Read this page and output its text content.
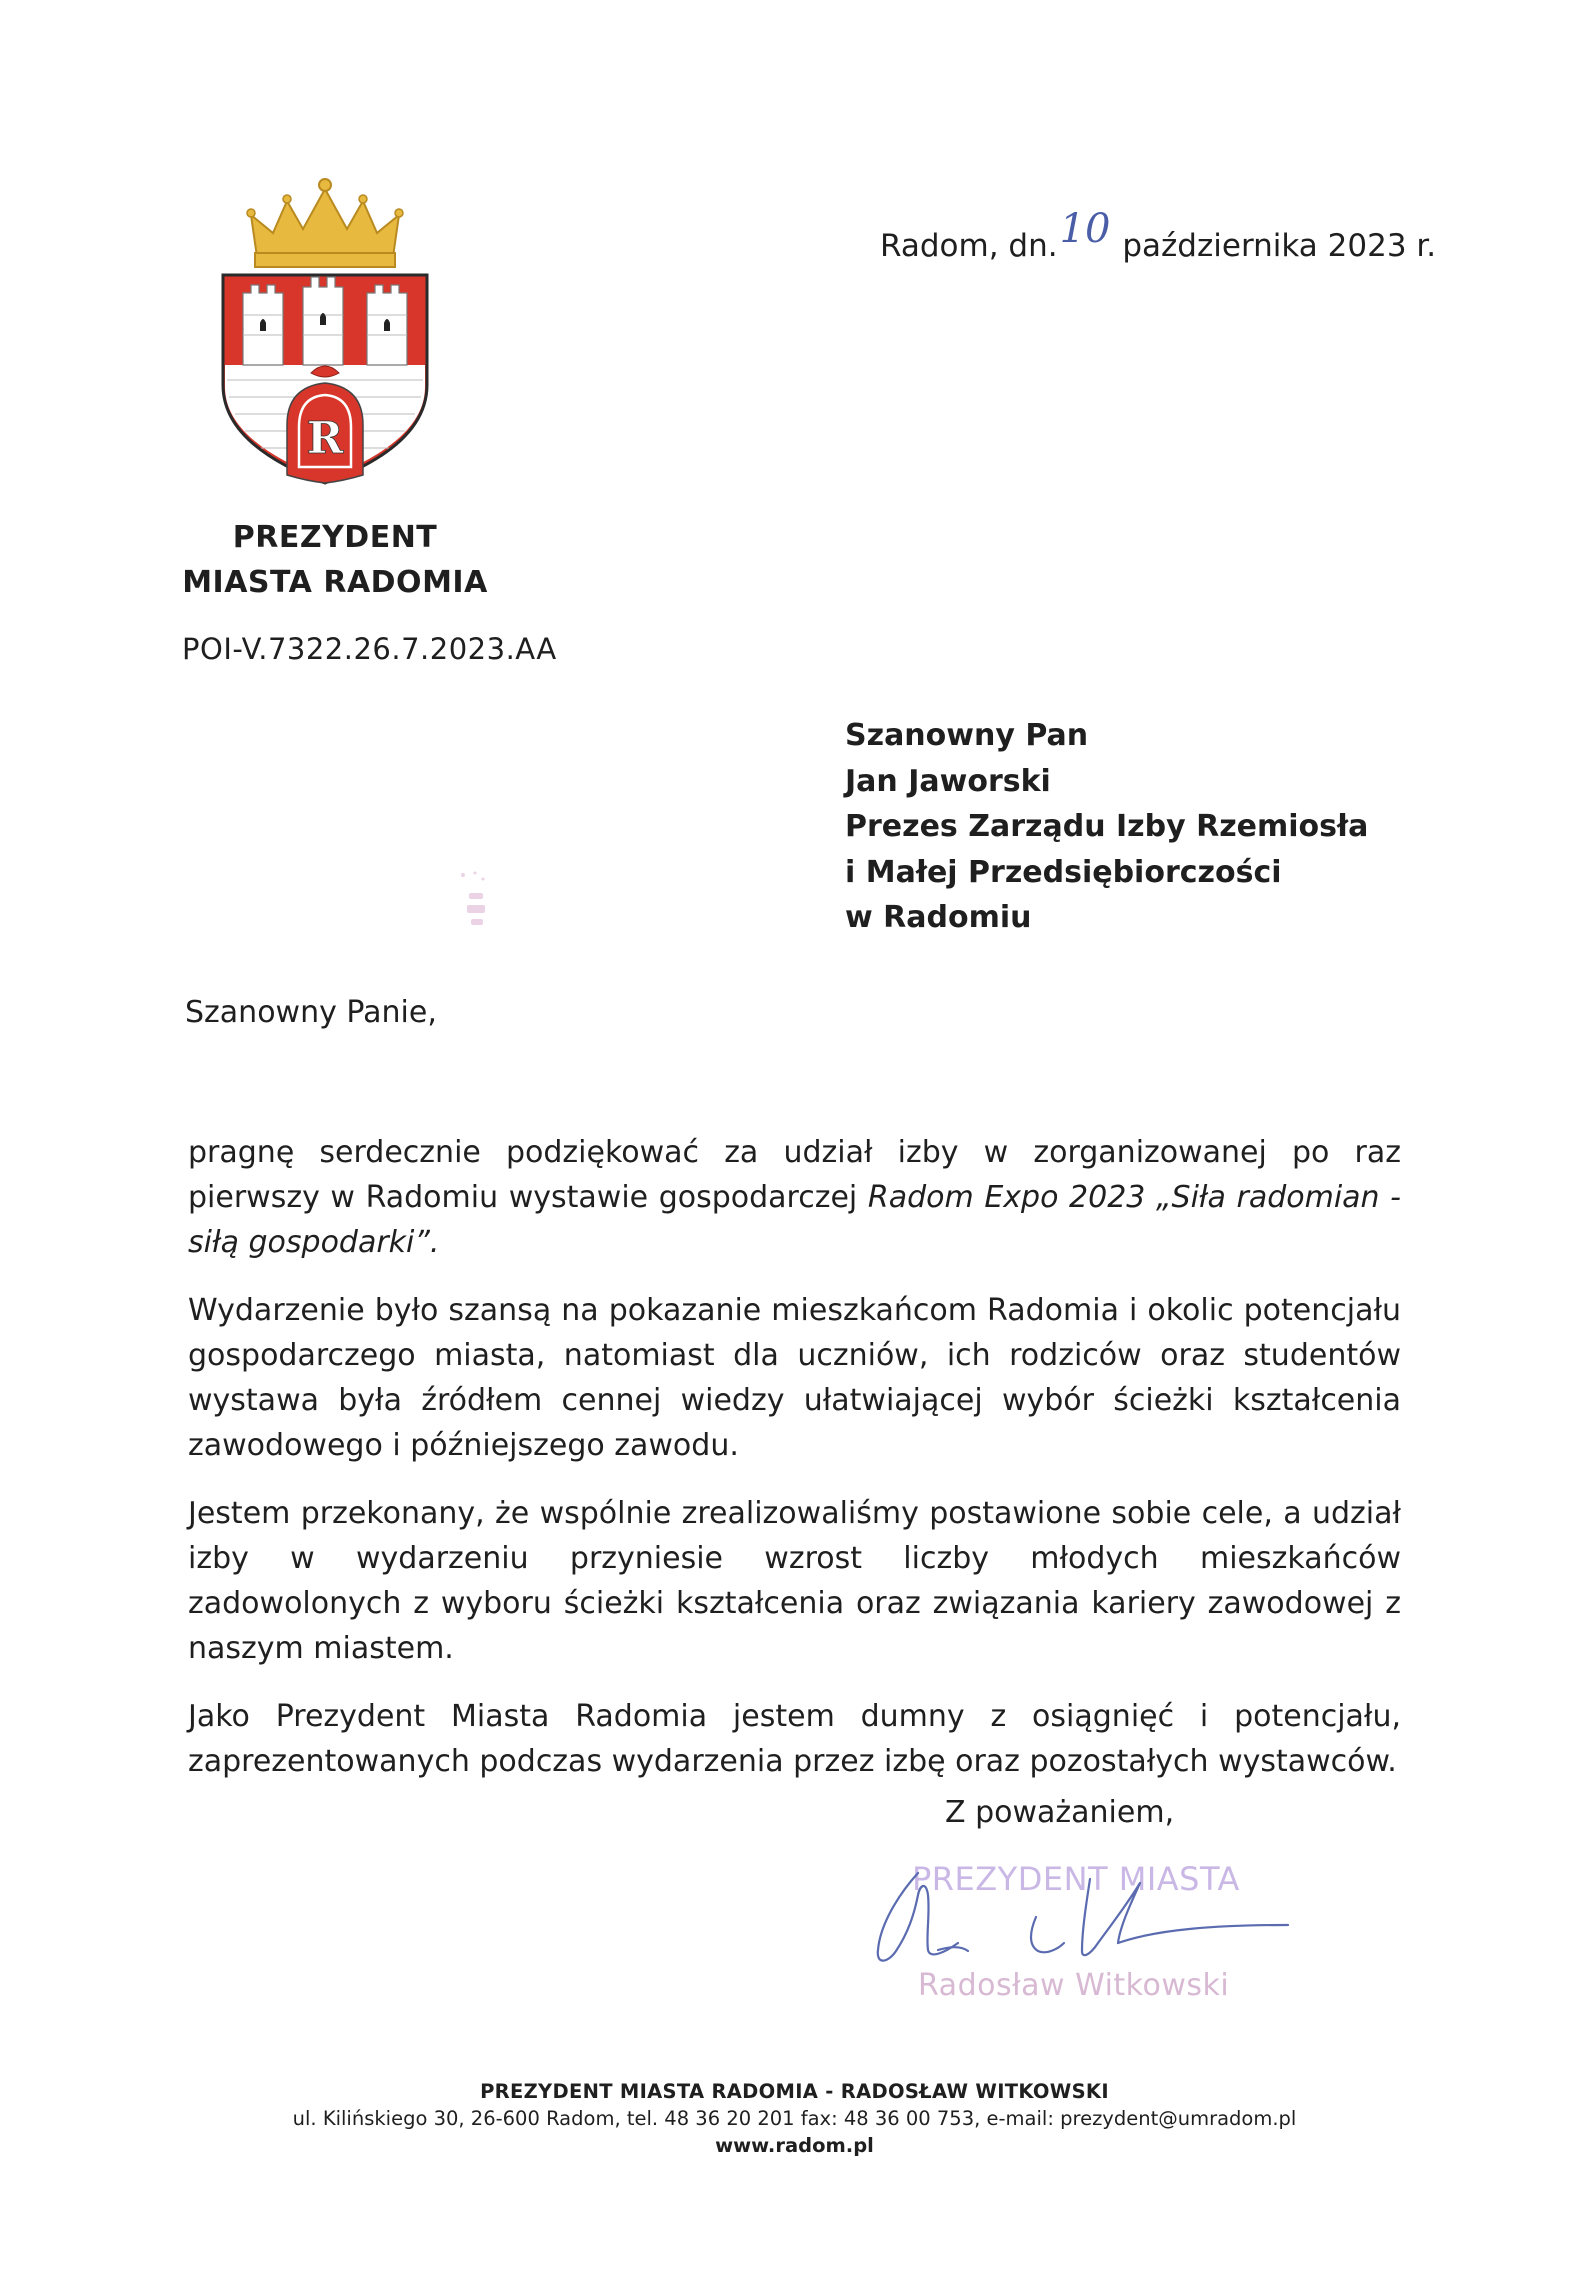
R
PREZYDENT
MIASTA RADOMIA
POI-V.7322.26.7.2023.AA
Radom, dn.10 października 2023 r.
Szanowny Pan
Jan Jaworski
Prezes Zarządu Izby Rzemiosła
i Małej Przedsiębiorczości
w Radomiu
Szanowny Panie,

pragnę serdecznie podziękować za udział izby w zorganizowanej po raz pierwszy w Radomiu wystawie gospodarczej Radom Expo 2023 „Siła radomian - siłą gospodarki”.

Wydarzenie było szansą na pokazanie mieszkańcom Radomia i okolic potencjału gospodarczego miasta, natomiast dla uczniów, ich rodziców oraz studentów wystawa była źródłem cennej wiedzy ułatwiającej wybór ścieżki kształcenia zawodowego i późniejszego zawodu.

Jestem przekonany, że wspólnie zrealizowaliśmy postawione sobie cele, a udział izby w wydarzeniu przyniesie wzrost liczby młodych mieszkańców zadowolonych z wyboru ścieżki kształcenia oraz związania kariery zawodowej z naszym miastem.

Jako Prezydent Miasta Radomia jestem dumny z osiągnięć i potencjału, zaprezentowanych podczas wydarzenia przez izbę oraz pozostałych wystawców.

Z poważaniem,
PREZYDENT MIASTA
Radosław Witkowski
PREZYDENT MIASTA RADOMIA - RADOSŁAW WITKOWSKI
ul. Kilińskiego 30, 26-600 Radom, tel. 48 36 20 201 fax: 48 36 00 753, e-mail: prezydent@umradom.pl
www.radom.pl
